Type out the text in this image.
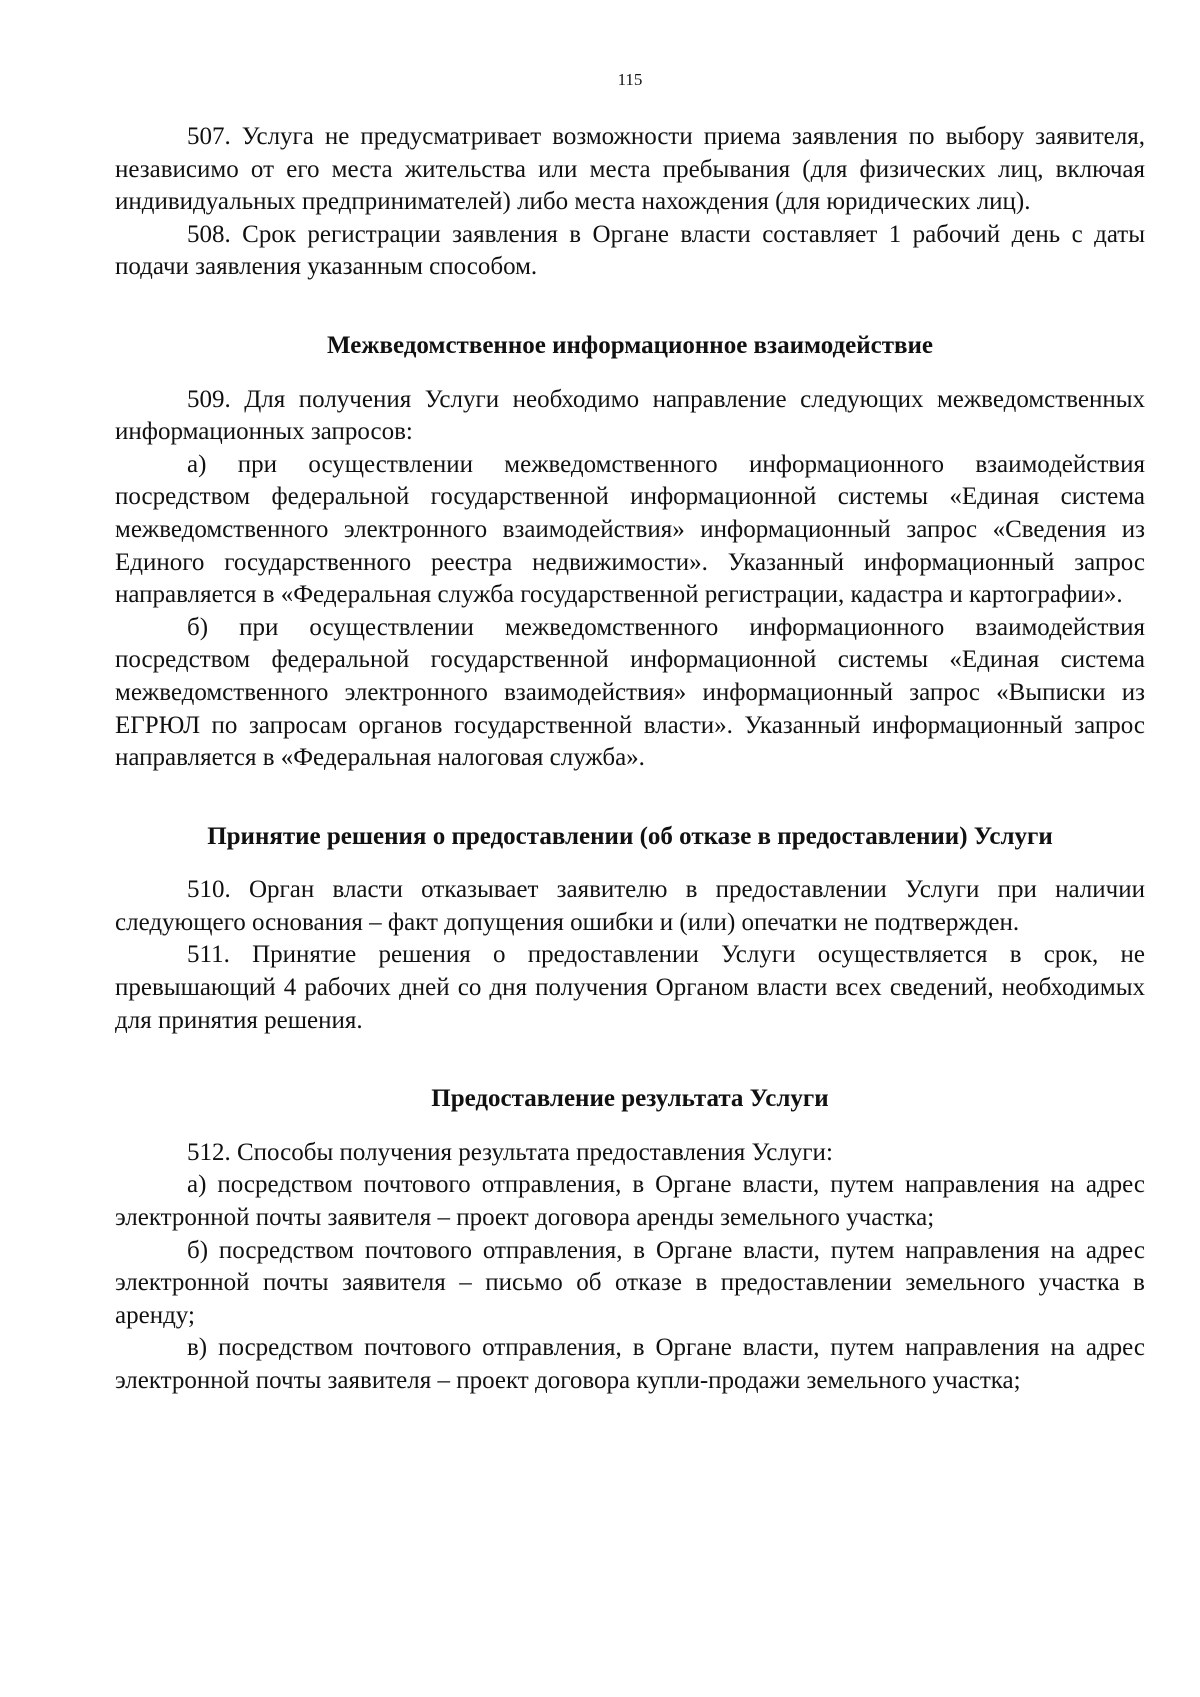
115

507. Услуга не предусматривает возможности приема заявления по выбору заявителя, независимо от его места жительства или места пребывания (для физических лиц, включая индивидуальных предпринимателей) либо места нахождения (для юридических лиц).

508. Срок регистрации заявления в Органе власти составляет 1 рабочий день с даты подачи заявления указанным способом.

Межведомственное информационное взаимодействие

509. Для получения Услуги необходимо направление следующих межведомственных информационных запросов:

а) при осуществлении межведомственного информационного взаимодействия посредством федеральной государственной информационной системы «Единая система межведомственного электронного взаимодействия» информационный запрос «Сведения из Единого государственного реестра недвижимости». Указанный информационный запрос направляется в «Федеральная служба государственной регистрации, кадастра и картографии».

б) при осуществлении межведомственного информационного взаимодействия посредством федеральной государственной информационной системы «Единая система межведомственного электронного взаимодействия» информационный запрос «Выписки из ЕГРЮЛ по запросам органов государственной власти». Указанный информационный запрос направляется в «Федеральная налоговая служба».

Принятие решения о предоставлении (об отказе в предоставлении) Услуги

510. Орган власти отказывает заявителю в предоставлении Услуги при наличии следующего основания – факт допущения ошибки и (или) опечатки не подтвержден.

511. Принятие решения о предоставлении Услуги осуществляется в срок, не превышающий 4 рабочих дней со дня получения Органом власти всех сведений, необходимых для принятия решения.

Предоставление результата Услуги

512. Способы получения результата предоставления Услуги:

а) посредством почтового отправления, в Органе власти, путем направления на адрес электронной почты заявителя – проект договора аренды земельного участка;

б) посредством почтового отправления, в Органе власти, путем направления на адрес электронной почты заявителя – письмо об отказе в предоставлении земельного участка в аренду;

в) посредством почтового отправления, в Органе власти, путем направления на адрес электронной почты заявителя – проект договора купли-продажи земельного участка;
